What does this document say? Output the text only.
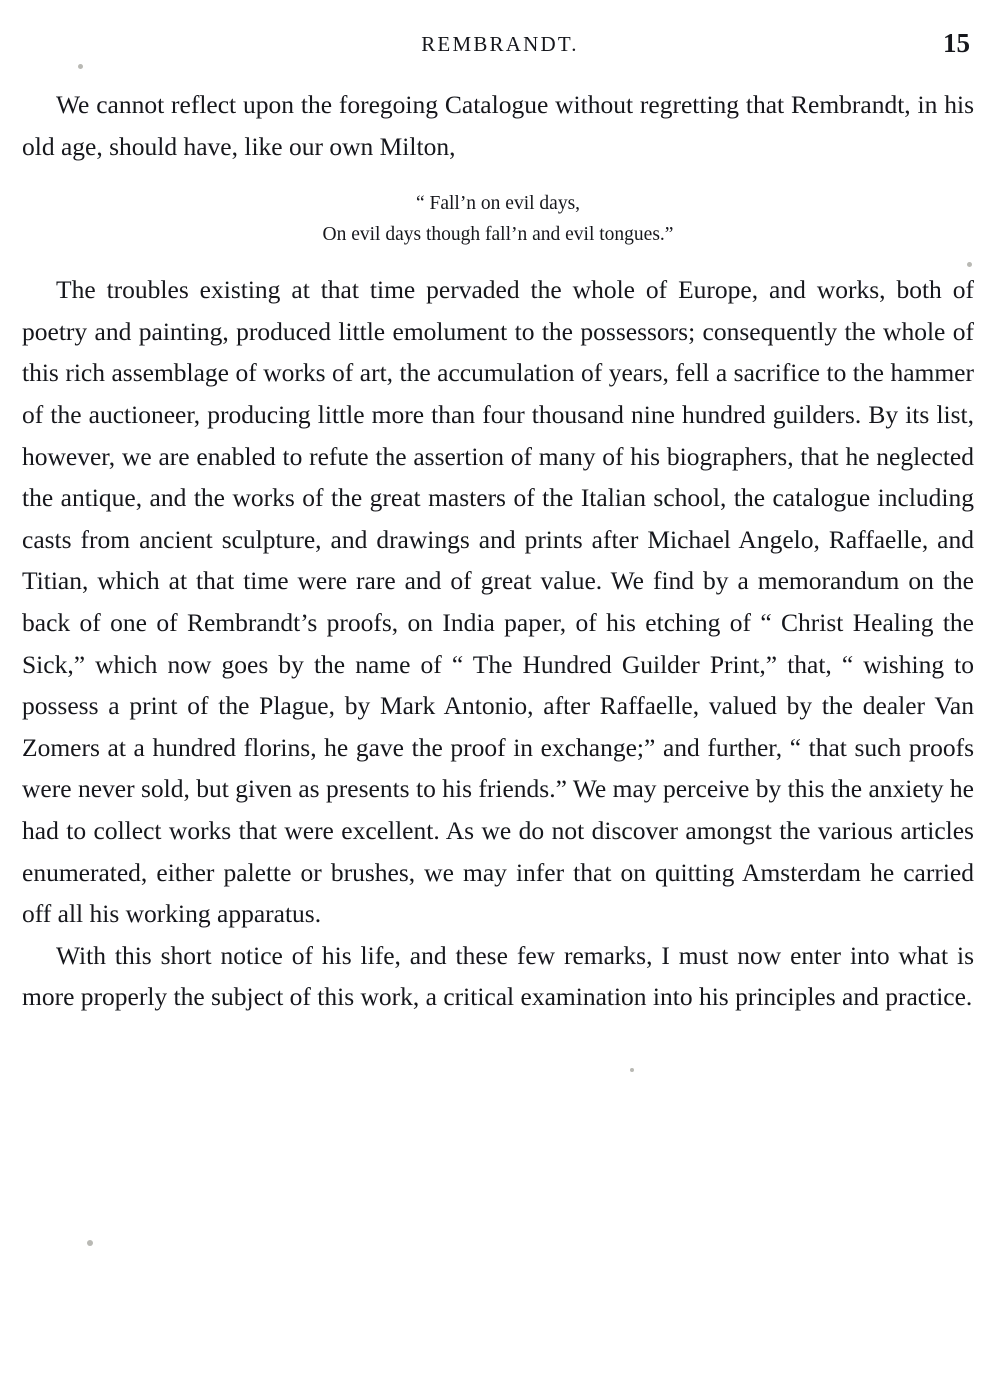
REMBRANDT.	15

We cannot reflect upon the foregoing Catalogue without regretting that Rembrandt, in his old age, should have, like our own Milton,

“ Fall’n on evil days,
On evil days though fall’n and evil tongues.”

The troubles existing at that time pervaded the whole of Europe, and works, both of poetry and painting, produced little emolument to the possessors; consequently the whole of this rich assemblage of works of art, the accumulation of years, fell a sacrifice to the hammer of the auctioneer, producing little more than four thousand nine hundred guilders. By its list, however, we are enabled to refute the assertion of many of his biographers, that he neglected the antique, and the works of the great masters of the Italian school, the catalogue including casts from ancient sculpture, and drawings and prints after Michael Angelo, Raffaelle, and Titian, which at that time were rare and of great value. We find by a memorandum on the back of one of Rembrandt’s proofs, on India paper, of his etching of “ Christ Healing the Sick,” which now goes by the name of “ The Hundred Guilder Print,” that, “ wishing to possess a print of the Plague, by Mark Antonio, after Raffaelle, valued by the dealer Van Zomers at a hundred florins, he gave the proof in exchange;” and further, “ that such proofs were never sold, but given as presents to his friends.” We may perceive by this the anxiety he had to collect works that were excellent. As we do not discover amongst the various articles enumerated, either palette or brushes, we may infer that on quitting Amsterdam he carried off all his working apparatus.

With this short notice of his life, and these few remarks, I must now enter into what is more properly the subject of this work, a critical examination into his principles and practice.
